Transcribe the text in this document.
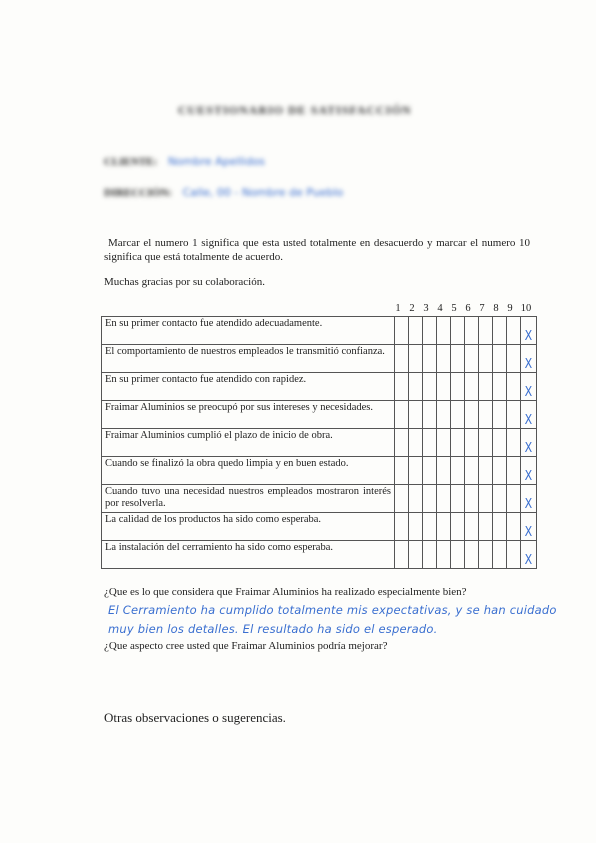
CUESTIONARIO DE SATISFACCIÓN
CLIENTE: Nombre Apellidos
DIRECCIÓN: Calle, 00 - Nombre de Pueblo
Marcar el numero 1 significa que esta usted totalmente en desacuerdo y marcar el numero 10 significa que está totalmente de acuerdo.
Muchas gracias por su colaboración.
1 2 3 4 5 6 7 8 9 10
En su primer contacto fue atendido adecuadamente.										X
El comportamiento de nuestros empleados le transmitió confianza.										X
En su primer contacto fue atendido con rapidez.										X
Fraimar Aluminios se preocupó por sus intereses y necesidades.										X
Fraimar Aluminios cumplió el plazo de inicio de obra.										X
Cuando se finalizó la obra quedo limpia y en buen estado.										X
Cuando tuvo una necesidad nuestros empleados mostraron interés por resolverla.										X
La calidad de los productos ha sido como esperaba.										X
La instalación del cerramiento ha sido como esperaba.										X
¿Que es lo que considera que Fraimar Aluminios ha realizado especialmente bien?
El Cerramiento ha cumplido totalmente mis expectativas, y se han cuidado
muy bien los detalles. El resultado ha sido el esperado.
¿Que aspecto cree usted que Fraimar Aluminios podría mejorar?
Otras observaciones o sugerencias.
